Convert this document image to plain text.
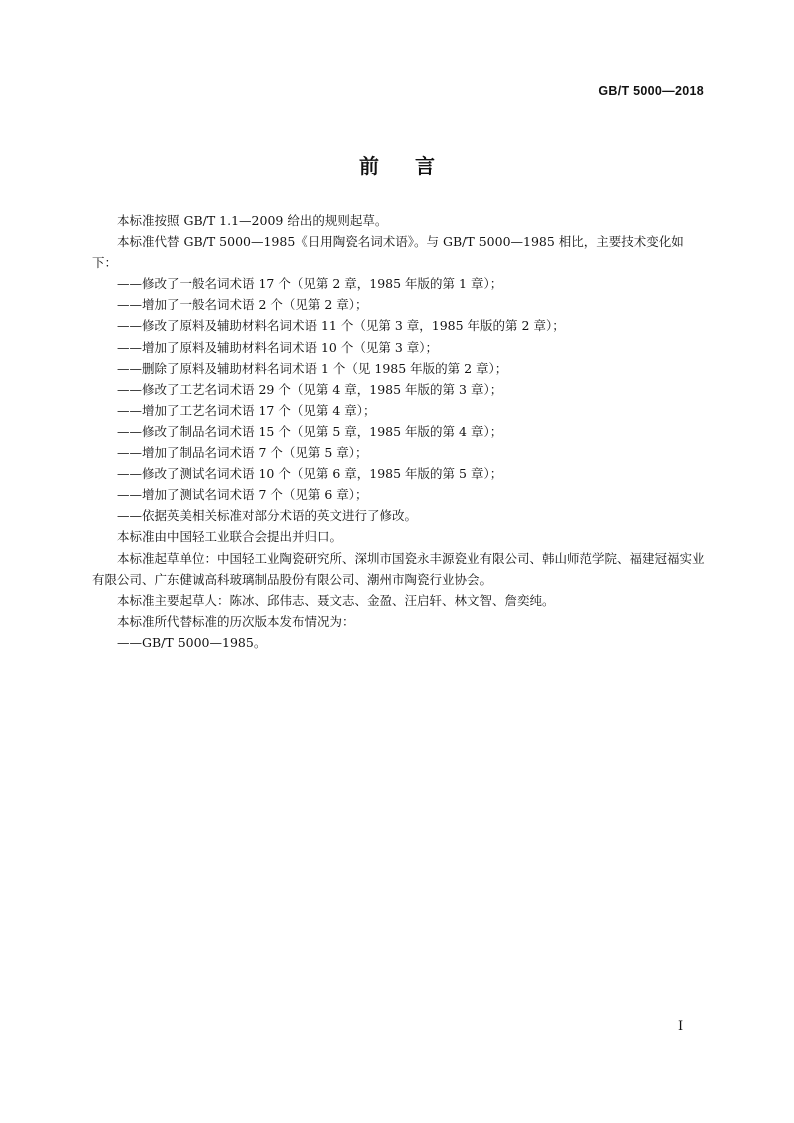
GB/T 5000—2018
前言

本标准按照 GB/T 1.1—2009 给出的规则起草。

本标准代替 GB/T 5000—1985《日用陶瓷名词术语》。与 GB/T 5000—1985 相比，主要技术变化如下：

——修改了一般名词术语 17 个（见第 2 章，1985 年版的第 1 章）；

——增加了一般名词术语 2 个（见第 2 章）；

——修改了原料及辅助材料名词术语 11 个（见第 3 章，1985 年版的第 2 章）；

——增加了原料及辅助材料名词术语 10 个（见第 3 章）；

——删除了原料及辅助材料名词术语 1 个（见 1985 年版的第 2 章）；

——修改了工艺名词术语 29 个（见第 4 章，1985 年版的第 3 章）；

——增加了工艺名词术语 17 个（见第 4 章）；

——修改了制品名词术语 15 个（见第 5 章，1985 年版的第 4 章）；

——增加了制品名词术语 7 个（见第 5 章）；

——修改了测试名词术语 10 个（见第 6 章，1985 年版的第 5 章）；

——增加了测试名词术语 7 个（见第 6 章）；

——依据英美相关标准对部分术语的英文进行了修改。

本标准由中国轻工业联合会提出并归口。

本标准起草单位：中国轻工业陶瓷研究所、深圳市国瓷永丰源瓷业有限公司、韩山师范学院、福建冠福实业有限公司、广东健诚高科玻璃制品股份有限公司、潮州市陶瓷行业协会。

本标准主要起草人：陈冰、邱伟志、聂文志、金盈、汪启轩、林文智、詹奕纯。

本标准所代替标准的历次版本发布情况为：

——GB/T 5000—1985。

I
